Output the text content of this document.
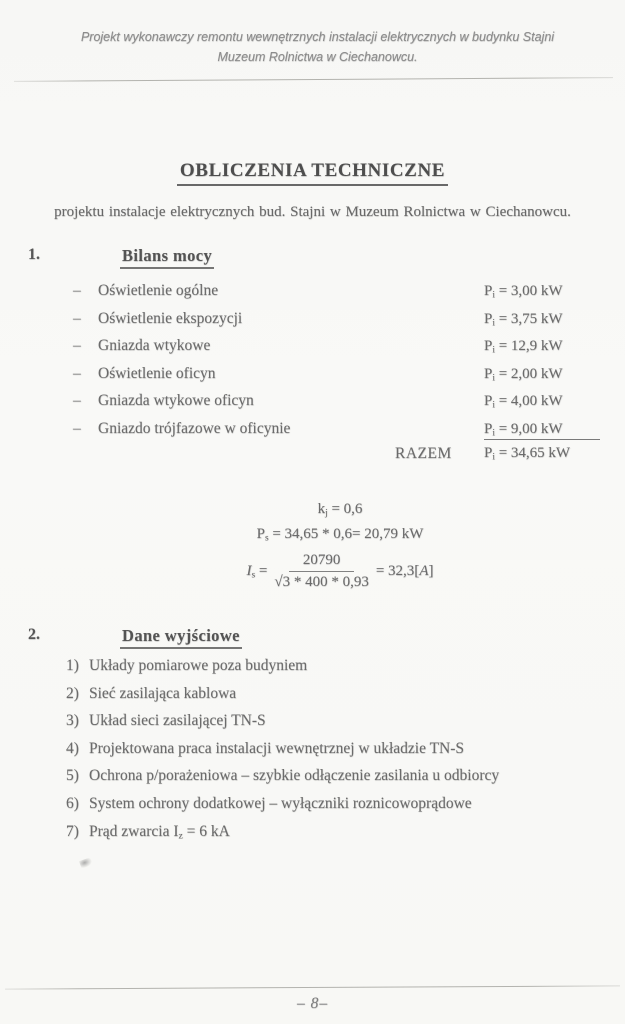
Projekt wykonawczy remontu wewnętrznych instalacji elektrycznych w budynku Stajni
Muzeum Rolnictwa w Ciechanowcu.
OBLICZENIA TECHNICZNE
projektu instalacje elektrycznych bud. Stajni w Muzeum Rolnictwa w Ciechanowcu.
1.	Bilans mocy
–	Oświetlenie ogólne	$P_i = 3,00$ kW
–	Oświetlenie ekspozycji	$P_i = 3,75$ kW
–	Gniazda wtykowe	$P_i = 12,9$ kW
–	Oświetlenie oficyn	$P_i = 2,00$ kW
–	Gniazda wtykowe oficyn	$P_i = 4,00$ kW
–	Gniazdo trójfazowe w oficynie	$P_i = 9,00$ kW
RAZEM $P_i = 34,65$ kW
$k_j = 0,6$
$P_s = 34,65 * 0,6= 20,79$ kW
$I_s = \frac{20790}{√3 * 400 * 0,93} = 32,3[A]$
2.	Dane wyjściowe
1) Układy pomiarowe poza budyniem
2) Sieć zasilająca kablowa
3) Układ sieci zasilającej TN-S
4) Projektowana praca instalacji wewnętrznej w układzie TN-S
5) Ochrona p/porażeniowa – szybkie odłączenie zasilania u odbiorcy
6) System ochrony dodatkowej – wyłączniki roznicowoprądowe
7) Prąd zwarcia $I_z = 6$ kA
– 8–
